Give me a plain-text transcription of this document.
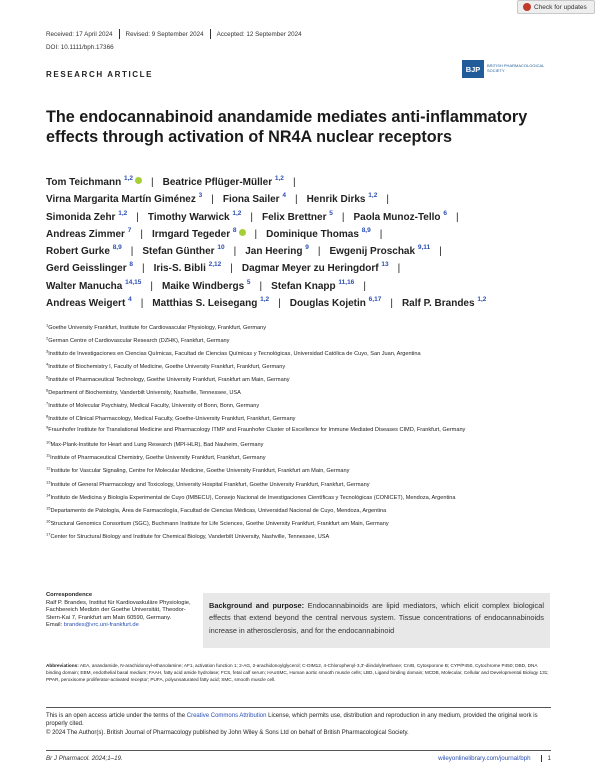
Check for updates
Received: 17 April 2024 Revised: 9 September 2024 Accepted: 12 September 2024
DOI: 10.1111/bph.17366
RESEARCH ARTICLE
BJP	BRITISH PHARMACOLOGICAL SOCIETY
The endocannabinoid anandamide mediates anti-inflammatory effects through activation of NR4A nuclear receptors
Tom Teichmann $^{1,2}$ | Beatrice Pflüger-Müller $^{1,2}$ |
Virna Margarita Martín Giménez $^3$ | Fiona Sailer $^4$ | Henrik Dirks $^{1,2}$ |
Simonida Zehr $^{1,2}$ | Timothy Warwick $^{1,2}$ | Felix Brettner $^5$ | Paola Munoz-Tello $^6$ |
Andreas Zimmer $^7$ | Irmgard Tegeder $^8$ | Dominique Thomas $^{8,9}$ |
Robert Gurke $^{8,9}$ | Stefan Günther $^{10}$ | Jan Heering $^9$ | Ewgenij Proschak $^{9,11}$ |
Gerd Geisslinger $^8$ | Iris-S. Bibli $^{2,12}$ | Dagmar Meyer zu Heringdorf $^{13}$ |
Walter Manucha $^{14,15}$ | Maike Windbergs $^5$ | Stefan Knapp $^{11,16}$ |
Andreas Weigert $^4$ | Matthias S. Leisegang $^{1,2}$ | Douglas Kojetin $^{6,17}$ | Ralf P. Brandes $^{1,2}$
$^1$Goethe University Frankfurt, Institute for Cardiovascular Physiology, Frankfurt, Germany
$^2$German Centre of Cardiovascular Research (DZHK), Frankfurt, Germany
$^3$Instituto de Investigaciones en Ciencias Químicas, Facultad de Ciencias Químicas y Tecnológicas, Universidad Católica de Cuyo, San Juan, Argentina
$^4$Institute of Biochemistry I, Faculty of Medicine, Goethe University Frankfurt, Frankfurt, Germany
$^5$Institute of Pharmaceutical Technology, Goethe University Frankfurt, Frankfurt am Main, Germany
$^6$Department of Biochemistry, Vanderbilt University, Nashville, Tennessee, USA
$^7$Institute of Molecular Psychiatry, Medical Faculty, University of Bonn, Bonn, Germany
$^8$Institute of Clinical Pharmacology, Medical Faculty, Goethe-University Frankfurt, Frankfurt, Germany
$^9$Fraunhofer Institute for Translational Medicine and Pharmacology ITMP and Fraunhofer Cluster of Excellence for Immune Mediated Diseases CIMD, Frankfurt, Germany
$^{10}$Max-Plank-Institute for Heart and Lung Research (MPI-HLR), Bad Nauheim, Germany
$^{11}$Institute of Pharmaceutical Chemistry, Goethe University Frankfurt, Frankfurt, Germany
$^{12}$Institute for Vascular Signaling, Centre for Molecular Medicine, Goethe University Frankfurt, Frankfurt am Main, Germany
$^{13}$Institute of General Pharmacology and Toxicology, University Hospital Frankfurt, Goethe University Frankfurt, Frankfurt, Germany
$^{14}$Instituto de Medicina y Biología Experimental de Cuyo (IMBECU), Consejo Nacional de Investigaciones Científicas y Tecnológicas (CONICET), Mendoza, Argentina
$^{15}$Departamento de Patología, Área de Farmacología, Facultad de Ciencias Médicas, Universidad Nacional de Cuyo, Mendoza, Argentina
$^{16}$Structural Genomics Consortium (SGC), Buchmann Institute for Life Sciences, Goethe University Frankfurt, Frankfurt am Main, Germany
$^{17}$Center for Structural Biology and Institute for Chemical Biology, Vanderbilt University, Nashville, Tennessee, USA
Correspondence
Ralf P. Brandes, Institut für Kardiovaskuläre Physiologie, Fachbereich Medizin der Goethe Universität, Theodor-Stern-Kai 7, Frankfurt am Main 60590, Germany.
Email: brandes@vrc.uni-frankfurt.de
Background and purpose: Endocannabinoids are lipid mediators, which elicit complex biological effects that extend beyond the central nervous system. Tissue concentrations of endocannabinoids increase in atherosclerosis, and for the endocannabinoid
Abbreviations: AEA, anandamide, N-arachidonoyl-ethanolamine; AF1, activation function 1; 2-AG, 2-arachidonoylglycerol; C-DIM12, 4-Chlorophenyl-3,3'-diindolylmethane; CnrB, Cytosporone B; CYP/P450, Cytochrome P450; DBD, DNA binding domain; EBM, endothelial basal medium; FAAH, fatty acid amide hydrolase; FCS, fetal calf serum; HAoSMC, Human aortic smooth muscle cells; LBD, Ligand binding domain; MCDB, Molecular, Cellular and Developmental Biology 131; PPAR, peroxisome proliferator-activated receptor; PUFA, polyunsaturated fatty acid; SMC, smooth muscle cell.
This is an open access article under the terms of the Creative Commons Attribution License, which permits use, distribution and reproduction in any medium, provided the original work is properly cited.
© 2024 The Author(s). British Journal of Pharmacology published by John Wiley & Sons Ltd on behalf of British Pharmacological Society.
Br J Pharmacol. 2024;1–19.	wileyonlinelibrary.com/journal/bph	1
